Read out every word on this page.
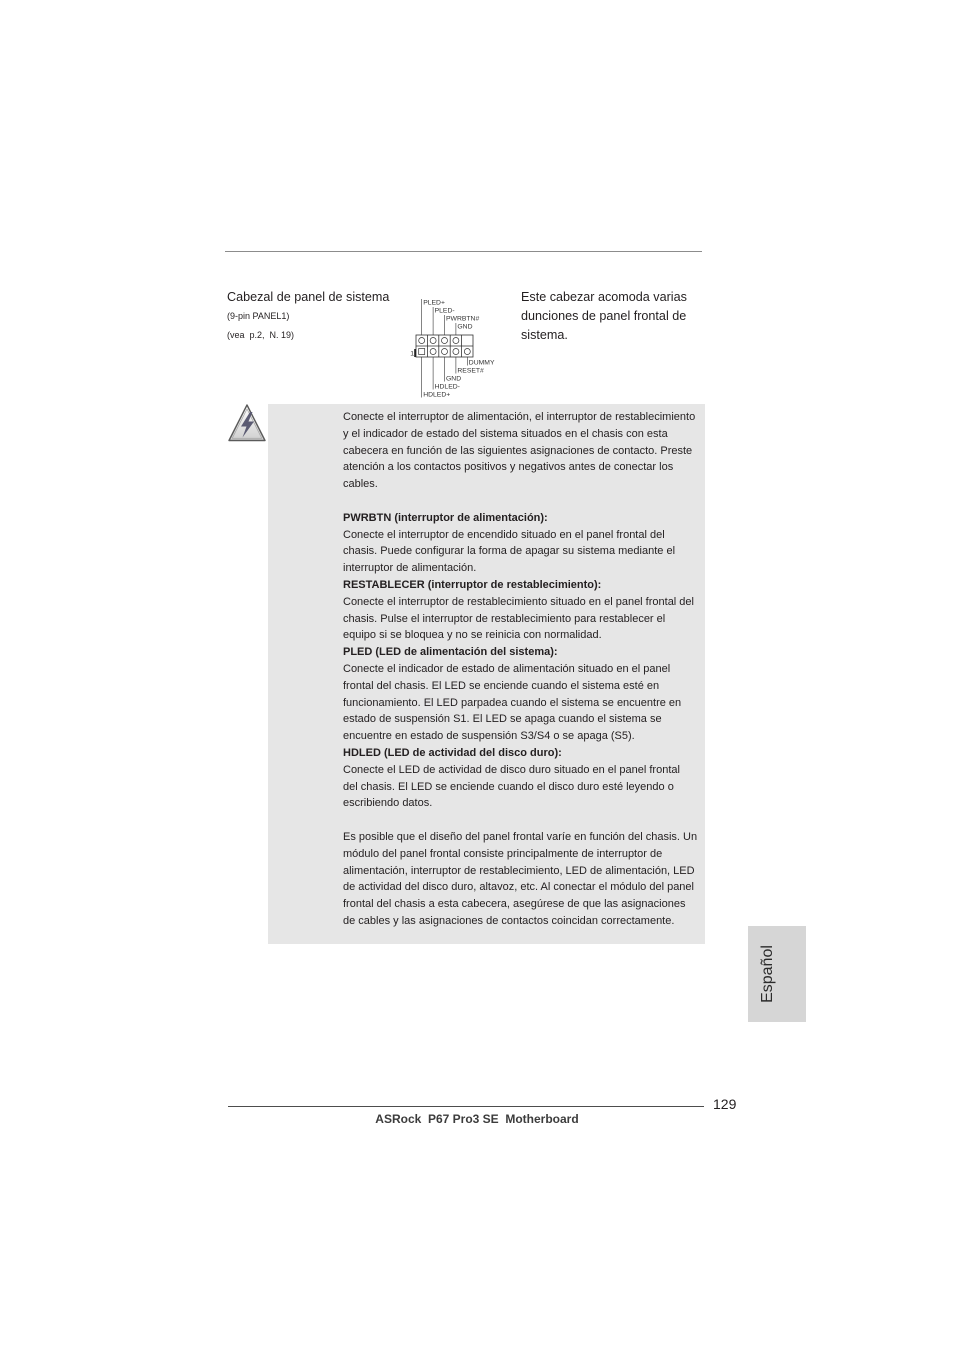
Cabezal de panel de sistema
(9-pin PANEL1)
(vea  p.2,  N. 19)
Este cabezar acomoda varias
dunciones de panel frontal de
sistema.
1
PLED+
PLED-
PWRBTN#
GND
HDLED+
HDLED-
GND
RESET#
DUMMY
Conecte el interruptor de alimentación, el interruptor de restablecimiento
y el indicador de estado del sistema situados en el chasis con esta
cabecera en función de las siguientes asignaciones de contacto. Preste
atención a los contactos positivos y negativos antes de conectar los
cables.
PWRBTN (interruptor de alimentación):
Conecte el interruptor de encendido situado en el panel frontal del
chasis. Puede configurar la forma de apagar su sistema mediante el
interruptor de alimentación.
RESTABLECER (interruptor de restablecimiento):
Conecte el interruptor de restablecimiento situado en el panel frontal del
chasis. Pulse el interruptor de restablecimiento para restablecer el
equipo si se bloquea y no se reinicia con normalidad.
PLED (LED de alimentación del sistema):
Conecte el indicador de estado de alimentación situado en el panel
frontal del chasis. El LED se enciende cuando el sistema esté en
funcionamiento. El LED parpadea cuando el sistema se encuentre en
estado de suspensión S1. El LED se apaga cuando el sistema se
encuentre en estado de suspensión S3/S4 o se apaga (S5).
HDLED (LED de actividad del disco duro):
Conecte el LED de actividad de disco duro situado en el panel frontal
del chasis. El LED se enciende cuando el disco duro esté leyendo o
escribiendo datos.
Es posible que el diseño del panel frontal varíe en función del chasis. Un
módulo del panel frontal consiste principalmente de interruptor de
alimentación, interruptor de restablecimiento, LED de alimentación, LED
de actividad del disco duro, altavoz, etc. Al conectar el módulo del panel
frontal del chasis a esta cabecera, asegúrese de que las asignaciones
de cables y las asignaciones de contactos coincidan correctamente.
Español
129
ASRock  P67 Pro3 SE  Motherboard
